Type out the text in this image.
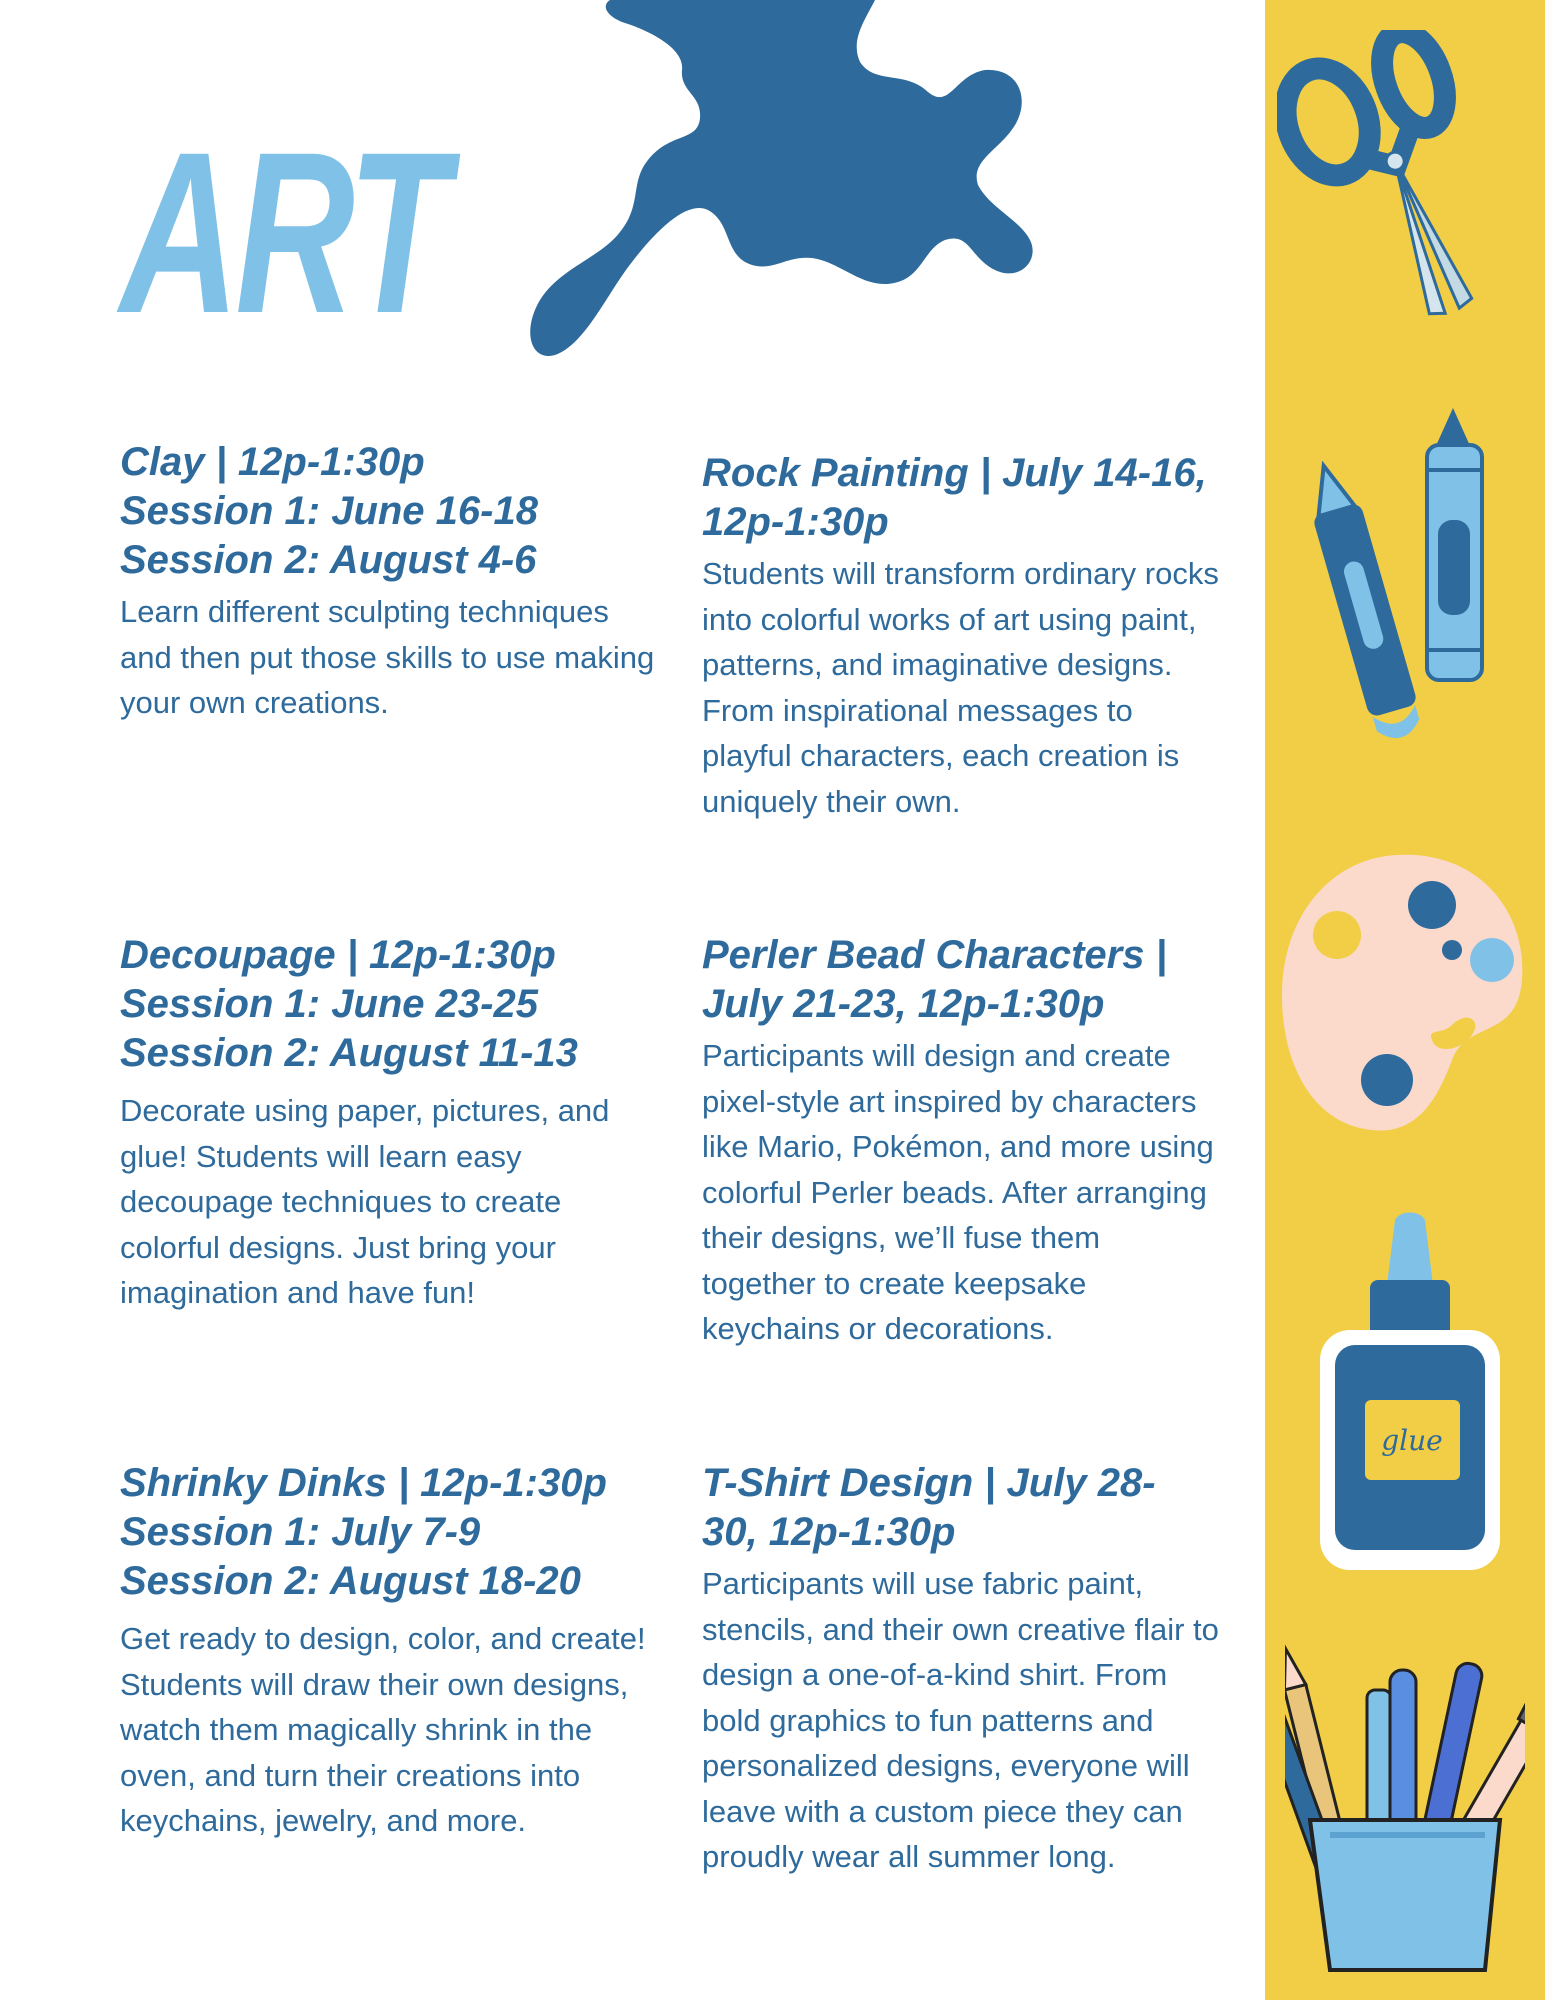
ART
glue
Clay | 12p-1:30p
Session 1: June 16-18
Session 2: August 4-6

Learn different sculpting techniques and then put those skills to use making your own creations.

Decoupage | 12p-1:30p
Session 1: June 23-25
Session 2: August 11-13

Decorate using paper, pictures, and glue! Students will learn easy decoupage techniques to create colorful designs. Just bring your imagination and have fun!

Shrinky Dinks | 12p-1:30p
Session 1: July 7-9
Session 2: August 18-20

Get ready to design, color, and create! Students will draw their own designs, watch them magically shrink in the oven, and turn their creations into keychains, jewelry, and more.

Rock Painting | July 14-16,
12p-1:30p

Students will transform ordinary rocks into colorful works of art using paint, patterns, and imaginative designs. From inspirational messages to playful characters, each creation is uniquely their own.

Perler Bead Characters |
July 21-23, 12p-1:30p

Participants will design and create pixel-style art inspired by characters like Mario, Pokémon, and more using colorful Perler beads. After arranging their designs, we’ll fuse them together to create keepsake keychains or decorations.

T-Shirt Design | July 28-
30, 12p-1:30p

Participants will use fabric paint, stencils, and their own creative flair to design a one-of-a-kind shirt. From bold graphics to fun patterns and personalized designs, everyone will leave with a custom piece they can proudly wear all summer long.
